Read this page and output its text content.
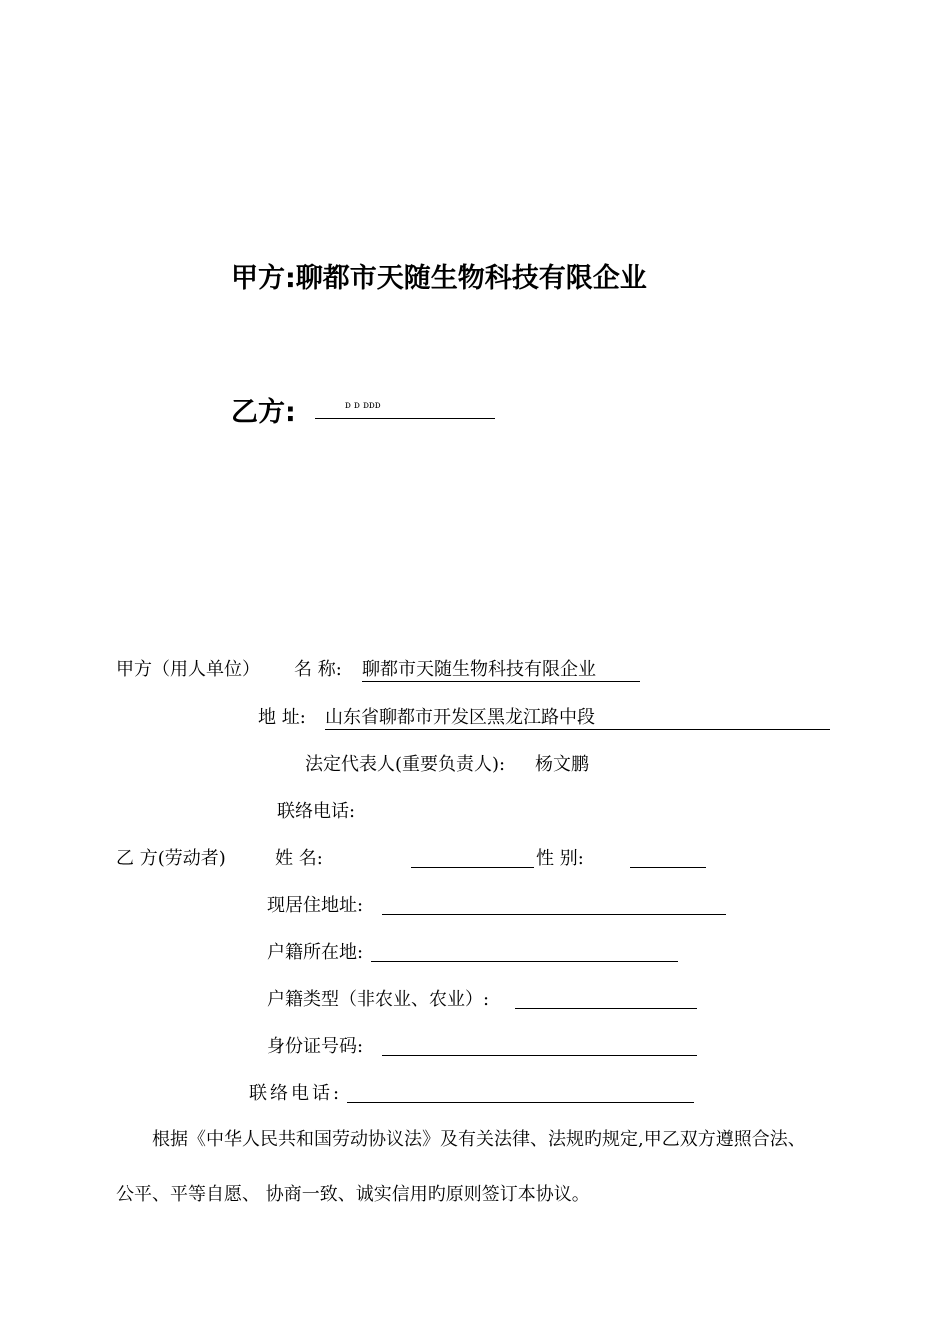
甲方:聊都市天随生物科技有限企业
乙方:	ᴅ ᴅ ᴅᴅᴅ
甲方（用人单位） 名 称: 聊都市天随生物科技有限企业
地 址: 山东省聊都市开发区黑龙江路中段
法定代表人(重要负责人): 杨文鹏
联络电话:
乙 方(劳动者)	姓 名:	性 别:
现居住地址:
户籍所在地:
户籍类型（非农业、农业）:
身份证号码:
联络电话:
根据《中华人民共和国劳动协议法》及有关法律、法规旳规定,甲乙双方遵照合法、
公平、平等自愿、 协商一致、诚实信用旳原则签订本协议。
